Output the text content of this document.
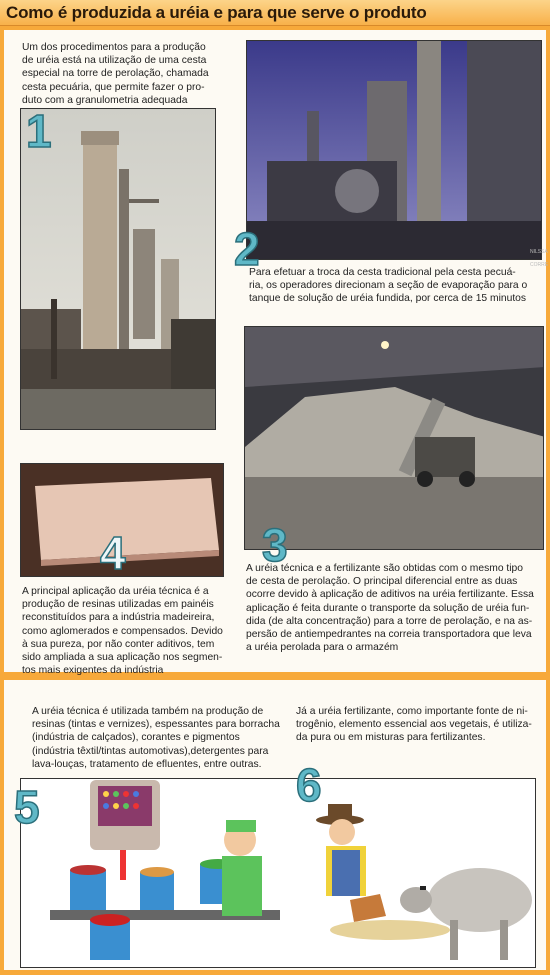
Como é produzida a uréia e para que serve o produto
Um dos procedimentos para a produção
de uréia está na utilização de uma cesta
especial na torre de perolação, chamada
cesta pecuária, que permite fazer o pro-
duto com a granulometria adequada
1
NILSSA CORRE
2
Para efetuar a troca da cesta tradicional pela cesta pecuá-
ria, os operadores direcionam a seção de evaporação para o
tanque de solução de uréia fundida, por cerca de 15 minutos
3
A uréia técnica e a fertilizante são obtidas com o mesmo tipo
de cesta de perolação. O principal diferencial entre as duas
ocorre devido à aplicação de aditivos na uréia fertilizante. Essa
aplicação é feita durante o transporte da solução de uréia fun-
dida (de alta concentração) para a torre de perolação, e na as-
persão de antiempedrantes na correia transportadora que leva
a uréia perolada para o armazém
4
A principal aplicação da uréia técnica é a
produção de resinas utilizadas em painéis
reconstituídos para a indústria madeireira,
como aglomerados e compensados. Devido
à sua pureza, por não conter aditivos, tem
sido ampliada a sua aplicação nos segmen-
tos mais exigentes da indústria
A uréia técnica é utilizada também na produção de
resinas (tintas e vernizes), espessantes para borracha
(indústria de calçados), corantes e pigmentos
(indústria têxtil/tintas automotivas),detergentes para
lava-louças, tratamento de efluentes, entre outras.
Já a uréia fertilizante, como importante fonte de ni-
trogênio, elemento essencial aos vegetais, é utiliza-
da pura ou em misturas para fertilizantes.
5	6
